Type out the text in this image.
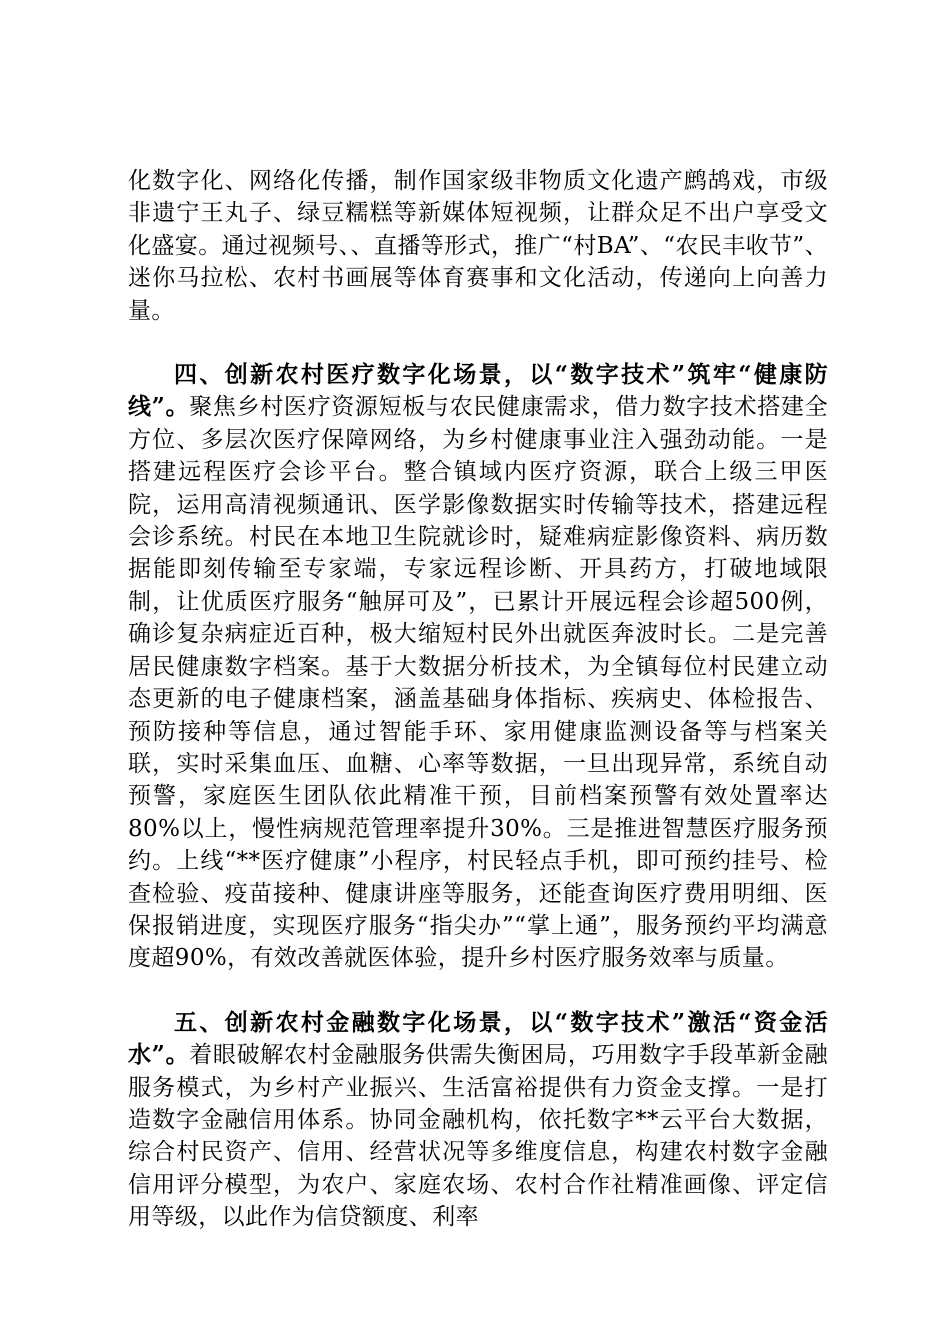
化数字化、网络化传播，制作国家级非物质文化遗产鹧鸪戏，市级非遗宁王丸子、绿豆糯糕等新媒体短视频，让群众足不出户享受文化盛宴。通过视频号、、直播等形式，推广“村BA”、“农民丰收节”、迷你马拉松、农村书画展等体育赛事和文化活动，传递向上向善力量。

四、创新农村医疗数字化场景，以“数字技术”筑牢“健康防线”。聚焦乡村医疗资源短板与农民健康需求，借力数字技术搭建全方位、多层次医疗保障网络，为乡村健康事业注入强劲动能。一是搭建远程医疗会诊平台。整合镇域内医疗资源，联合上级三甲医院，运用高清视频通讯、医学影像数据实时传输等技术，搭建远程会诊系统。村民在本地卫生院就诊时，疑难病症影像资料、病历数据能即刻传输至专家端，专家远程诊断、开具药方，打破地域限制，让优质医疗服务“触屏可及”，已累计开展远程会诊超500例，确诊复杂病症近百种，极大缩短村民外出就医奔波时长。二是完善居民健康数字档案。基于大数据分析技术，为全镇每位村民建立动态更新的电子健康档案，涵盖基础身体指标、疾病史、体检报告、预防接种等信息，通过智能手环、家用健康监测设备等与档案关联，实时采集血压、血糖、心率等数据，一旦出现异常，系统自动预警，家庭医生团队依此精准干预，目前档案预警有效处置率达80%以上，慢性病规范管理率提升30%。三是推进智慧医疗服务预约。上线“**医疗健康”小程序，村民轻点手机，即可预约挂号、检查检验、疫苗接种、健康讲座等服务，还能查询医疗费用明细、医保报销进度，实现医疗服务“指尖办”“掌上通”，服务预约平均满意度超90%，有效改善就医体验，提升乡村医疗服务效率与质量。

五、创新农村金融数字化场景，以“数字技术”激活“资金活水”。着眼破解农村金融服务供需失衡困局，巧用数字手段革新金融服务模式，为乡村产业振兴、生活富裕提供有力资金支撑。一是打造数字金融信用体系。协同金融机构，依托数字**云平台大数据，综合村民资产、信用、经营状况等多维度信息，构建农村数字金融信用评分模型，为农户、家庭农场、农村合作社精准画像、评定信用等级，以此作为信贷额度、利率
